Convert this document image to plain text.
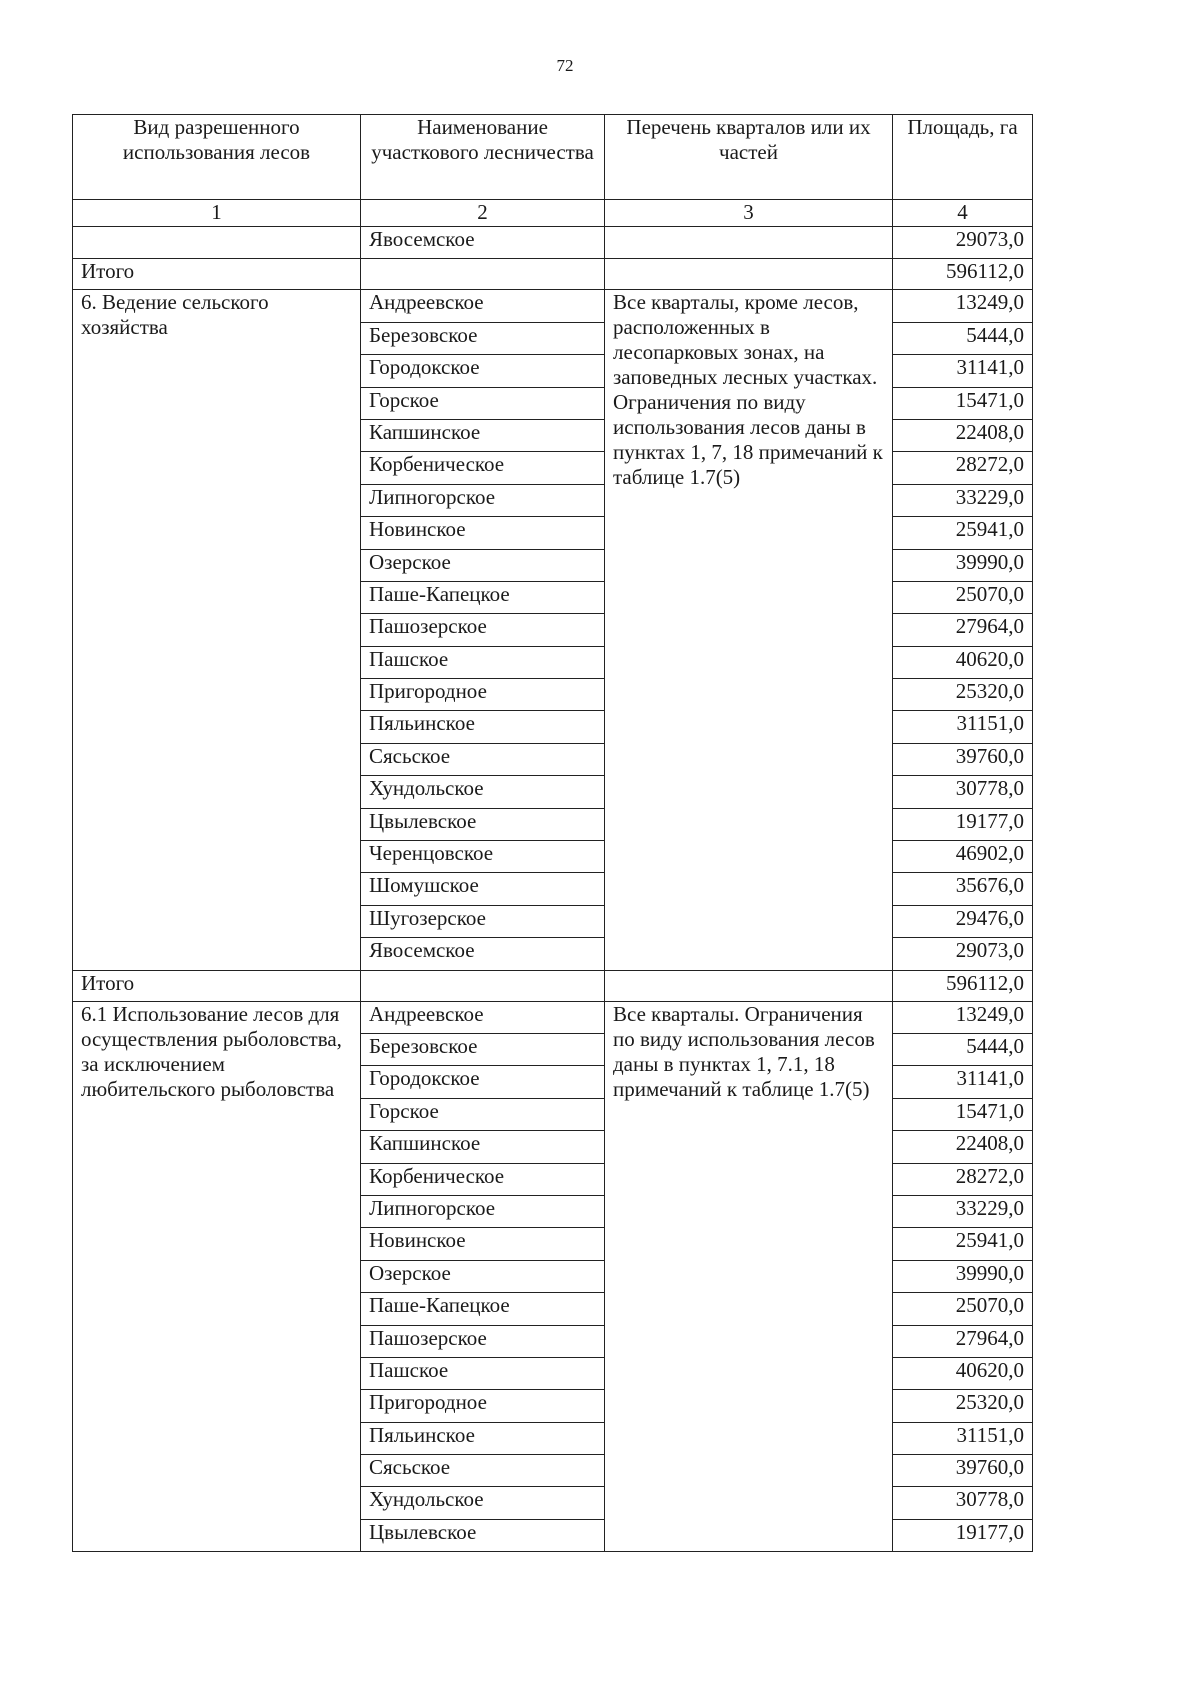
72
Вид разрешенного использования лесов	Наименование участкового лесничества	Перечень кварталов или их частей	Площадь, га
1	2	3	4
	Явосемское		29073,0
Итого			596112,0
6. Ведение сельского хозяйства	Андреевское	Все кварталы, кроме лесов, расположенных в лесопарковых зонах, на заповедных лесных участках. Ограничения по виду использования лесов даны в пунктах 1, 7, 18 примечаний к таблице 1.7(5)	13249,0
	Березовское		5444,0
	Городокское		31141,0
	Горское		15471,0
	Капшинское		22408,0
	Корбеническое		28272,0
	Липногорское		33229,0
	Новинское		25941,0
	Озерское		39990,0
	Паше-Капецкое		25070,0
	Пашозерское		27964,0
	Пашское		40620,0
	Пригородное		25320,0
	Пяльинское		31151,0
	Сясьское		39760,0
	Хундольское		30778,0
	Цвылевское		19177,0
	Черенцовское		46902,0
	Шомушское		35676,0
	Шугозерское		29476,0
	Явосемское		29073,0
Итого			596112,0
6.1 Использование лесов для осуществления рыболовства, за исключением любительского рыболовства	Андреевское	Все кварталы. Ограничения по виду использования лесов даны в пунктах 1, 7.1, 18 примечаний к таблице 1.7(5)	13249,0
	Березовское		5444,0
	Городокское		31141,0
	Горское		15471,0
	Капшинское		22408,0
	Корбеническое		28272,0
	Липногорское		33229,0
	Новинское		25941,0
	Озерское		39990,0
	Паше-Капецкое		25070,0
	Пашозерское		27964,0
	Пашское		40620,0
	Пригородное		25320,0
	Пяльинское		31151,0
	Сясьское		39760,0
	Хундольское		30778,0
	Цвылевское		19177,0
